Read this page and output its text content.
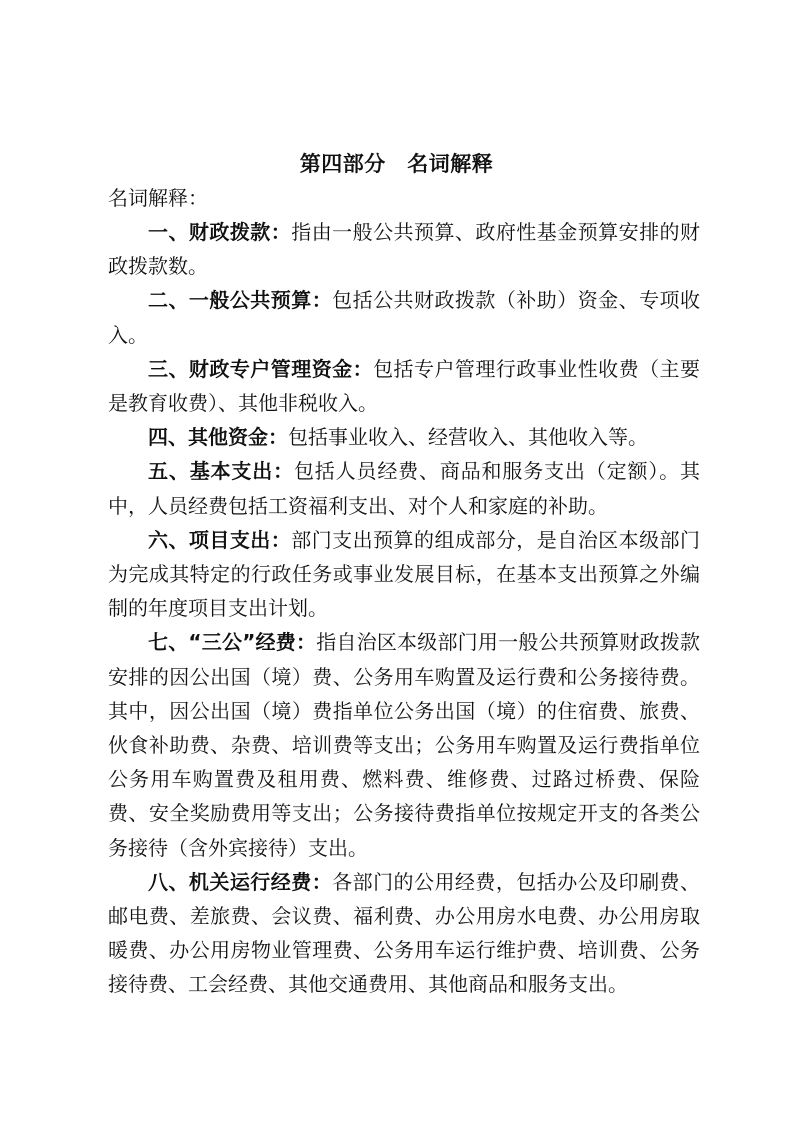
第四部分　名词解释
名词解释：

一、财政拨款：指由一般公共预算、政府性基金预算安排的财政拨款数。

二、一般公共预算：包括公共财政拨款（补助）资金、专项收入。

三、财政专户管理资金：包括专户管理行政事业性收费（主要是教育收费）、其他非税收入。

四、其他资金：包括事业收入、经营收入、其他收入等。

五、基本支出：包括人员经费、商品和服务支出（定额）。其中，人员经费包括工资福利支出、对个人和家庭的补助。

六、项目支出：部门支出预算的组成部分，是自治区本级部门为完成其特定的行政任务或事业发展目标，在基本支出预算之外编制的年度项目支出计划。

七、“三公”经费：指自治区本级部门用一般公共预算财政拨款安排的因公出国（境）费、公务用车购置及运行费和公务接待费。其中，因公出国（境）费指单位公务出国（境）的住宿费、旅费、伙食补助费、杂费、培训费等支出；公务用车购置及运行费指单位公务用车购置费及租用费、燃料费、维修费、过路过桥费、保险费、安全奖励费用等支出；公务接待费指单位按规定开支的各类公务接待（含外宾接待）支出。

八、机关运行经费：各部门的公用经费，包括办公及印刷费、邮电费、差旅费、会议费、福利费、办公用房水电费、办公用房取暖费、办公用房物业管理费、公务用车运行维护费、培训费、公务接待费、工会经费、其他交通费用、其他商品和服务支出。
